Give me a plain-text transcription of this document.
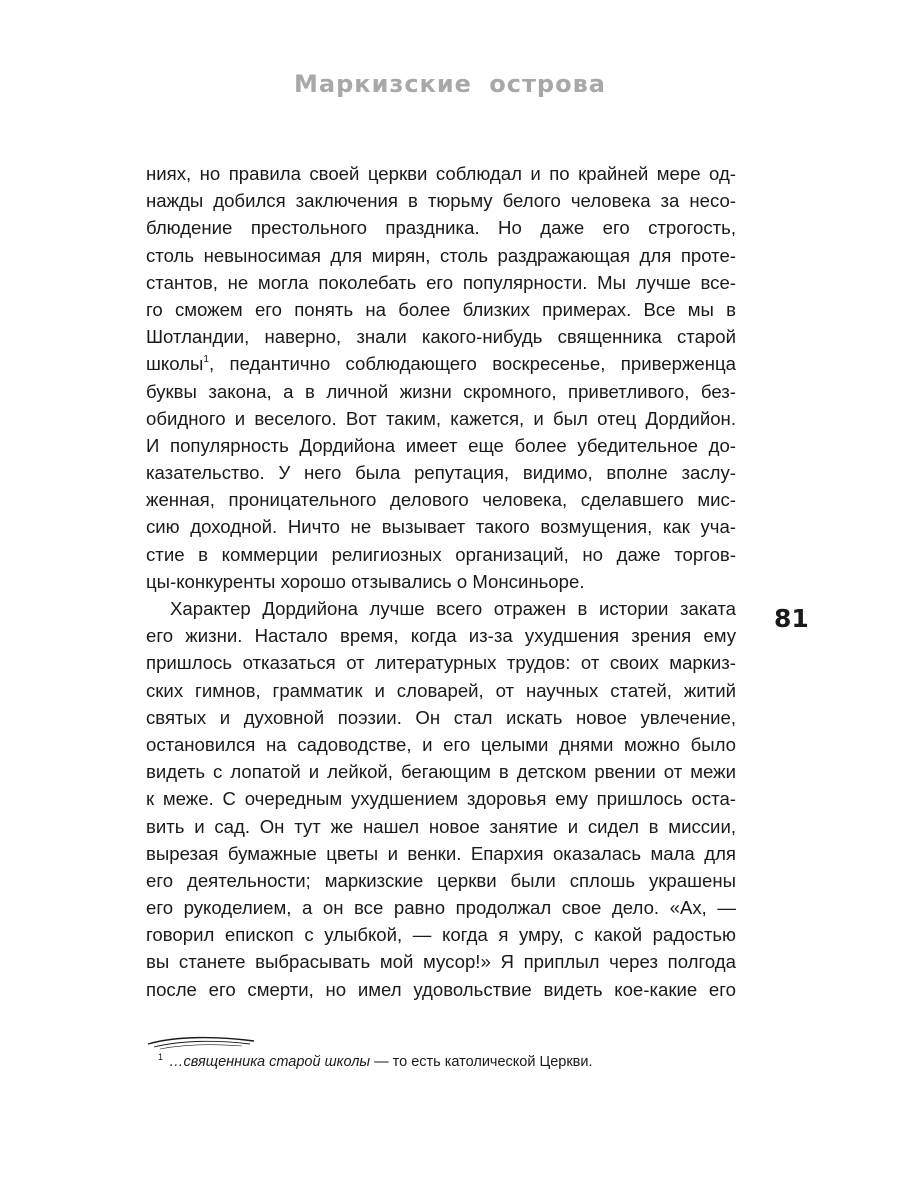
Маркизские острова
ниях, но правила своей церкви соблюдал и по крайней мере од-
нажды добился заключения в тюрьму белого человека за несо-
блюдение престольного праздника. Но даже его строгость,
столь невыносимая для мирян, столь раздражающая для проте-
стантов, не могла поколебать его популярности. Мы лучше все-
го сможем его понять на более близких примерах. Все мы в
Шотландии, наверно, знали какого-нибудь священника старой
школы$^1$, педантично соблюдающего воскресенье, приверженца
буквы закона, а в личной жизни скромного, приветливого, без-
обидного и веселого. Вот таким, кажется, и был отец Дордийон.
И популярность Дордийона имеет еще более убедительное до-
казательство. У него была репутация, видимо, вполне заслу-
женная, проницательного делового человека, сделавшего мис-
сию доходной. Ничто не вызывает такого возмущения, как уча-
стие в коммерции религиозных организаций, но даже торгов-
цы-конкуренты хорошо отзывались о Монсиньоре.
Характер Дордийона лучше всего отражен в истории заката
его жизни. Настало время, когда из-за ухудшения зрения ему
пришлось отказаться от литературных трудов: от своих маркиз-
ских гимнов, грамматик и словарей, от научных статей, житий
святых и духовной поэзии. Он стал искать новое увлечение,
остановился на садоводстве, и его целыми днями можно было
видеть с лопатой и лейкой, бегающим в детском рвении от межи
к меже. С очередным ухудшением здоровья ему пришлось оста-
вить и сад. Он тут же нашел новое занятие и сидел в миссии,
вырезая бумажные цветы и венки. Епархия оказалась мала для
его деятельности; маркизские церкви были сплошь украшены
его рукоделием, а он все равно продолжал свое дело. «Ах, —
говорил епископ с улыбкой, — когда я умру, с какой радостью
вы станете выбрасывать мой мусор!» Я приплыл через полгода
после его смерти, но имел удовольствие видеть кое-какие его
81
$^1$ …священника старой школы — то есть католической Церкви.
